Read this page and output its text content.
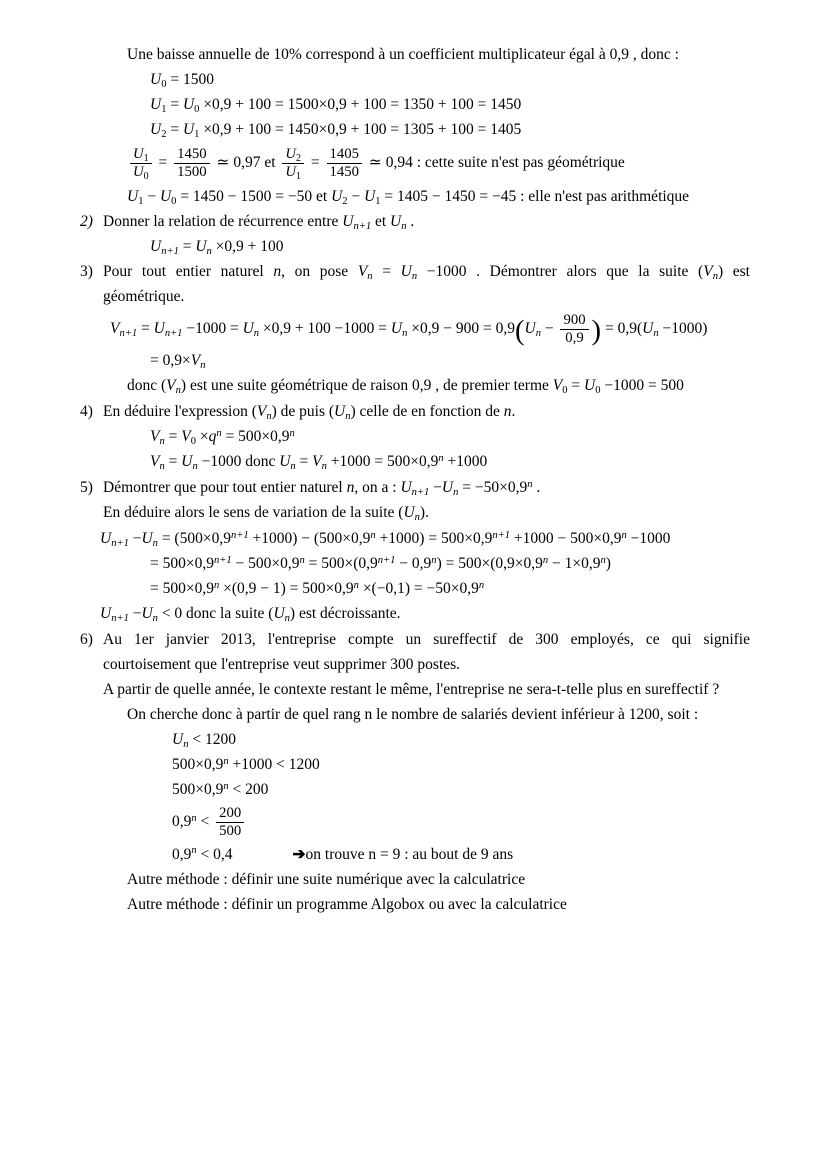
Une baisse annuelle de 10% correspond à un coefficient multiplicateur égal à 0,9 , donc :
$U_0 = 1500$
$U_1 = U_0 \times 0,9 + 100 = 1500\times 0,9 + 100 = 1350 + 100 = 1450$
$U_2 = U_1 \times 0,9 + 100 = 1450\times 0,9 + 100 = 1305 + 100 = 1405$
$\frac{U_1}{U_0} = \frac{1450}{1500}$ ≃ 0,97 et $\frac{U_2}{U_1} = \frac{1405}{1450}$ ≃ 0,94 : cette suite n'est pas géométrique
$U_1 - U_0 = 1450 - 1500 = -50$ et $U_2 - U_1 = 1405 - 1450 = -45$ : elle n'est pas arithmétique
2) Donner la relation de récurrence entre $U_{n+1}$ et $U_n$ .
$U_{n+1} = U_n \times 0,9 + 100$
3) Pour tout entier naturel n, on pose $V_n = U_n -1000$ . Démontrer alors que la suite $(V_n)$ est
géométrique.
$V_{n+1} = U_{n+1} -1000 = U_n \times 0,9 + 100 -1000 = U_n \times 0,9 - 900 = 0,9(U_n - \frac{900}{0,9}$ ) = $0,9(U_n -1000)$
= $0,9\times V_n$
donc $(V_n)$ est une suite géométrique de raison 0,9 , de premier terme $V_0 = U_0 -1000 = 500$
4) En déduire l'expression $(V_n)$ de puis $(U_n)$ celle de en fonction de n.
$V_n = V_0 \times q^n = 500\times 0,9^n$
$V_n = U_n -1000$ donc $U_n = V_n +1000 = 500\times 0,9^n +1000$
5) Démontrer que pour tout entier naturel n, on a : $U_{n+1} -U_n = -50\times 0,9^n$ .
En déduire alors le sens de variation de la suite $(U_n)$.
$U_{n+1} -U_n = (500\times 0,9^{n+1} +1000) - (500\times 0,9^n +1000) = 500\times 0,9^{n+1} +1000 - 500\times 0,9^n -1000$
= $500\times 0,9^{n+1} - 500\times 0,9^n = 500\times(0,9^{n+1} - 0,9^n) = 500\times(0,9\times 0,9^n - 1\times 0,9^n)$
= $500\times 0,9^n \times(0,9 - 1) = 500\times 0,9^n \times(-0,1) = -50\times 0,9^n$
$U_{n+1} -U_n < 0$ donc la suite $(U_n)$ est décroissante.
6) Au 1er janvier 2013, l'entreprise compte un sureffectif de 300 employés, ce qui signifie
courtoisement que l'entreprise veut supprimer 300 postes.
A partir de quelle année, le contexte restant le même, l'entreprise ne sera-t-telle plus en sureffectif ?
On cherche donc à partir de quel rang n le nombre de salariés devient inférieur à 1200, soit :
$U_n < 1200$
$500\times 0,9^n +1000 < 1200$
$500\times 0,9^n < 200$
$0,9^n < \frac{200}{500}$
$0,9^n < 0,4$	➔on trouve n = 9 : au bout de 9 ans
Autre méthode : définir une suite numérique avec la calculatrice
Autre méthode : définir un programme Algobox ou avec la calculatrice
